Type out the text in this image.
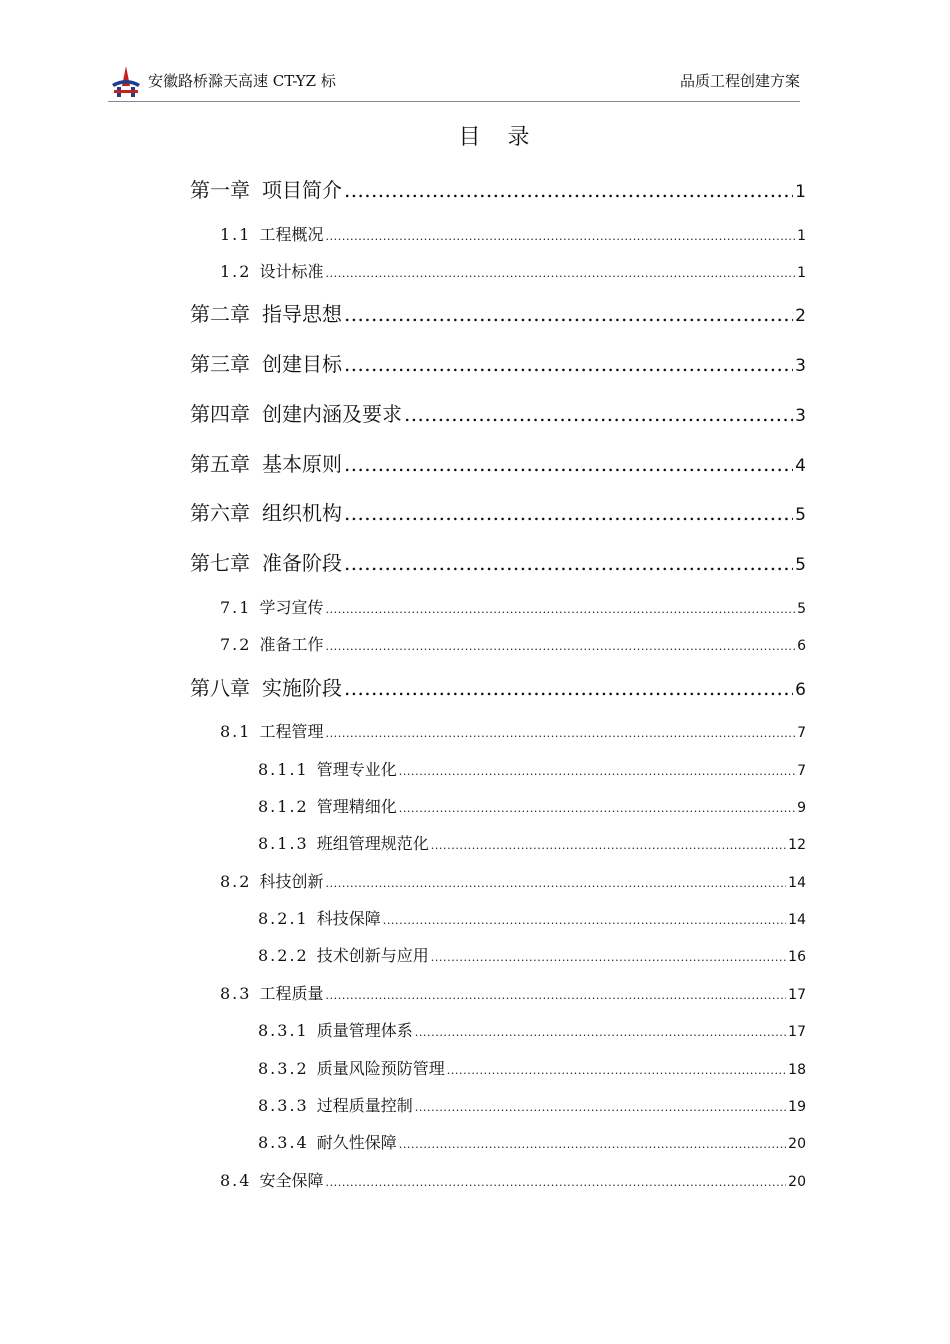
安徽路桥滁天高速 CT-YZ 标	品质工程创建方案
目 录
第一章 项目简介 .....	1
1.1 工程概况 .....	1
1.2 设计标准 .....	1
第二章 指导思想 .....	2
第三章 创建目标 .....	3
第四章 创建内涵及要求 .....	3
第五章 基本原则 .....	4
第六章 组织机构 .....	5
第七章 准备阶段 .....	5
7.1 学习宣传 .....	5
7.2 准备工作 .....	6
第八章 实施阶段 .....	6
8.1 工程管理 .....	7
8.1.1 管理专业化 .....	7
8.1.2 管理精细化 .....	9
8.1.3 班组管理规范化 .....	12
8.2 科技创新 .....	14
8.2.1 科技保障 .....	14
8.2.2 技术创新与应用 .....	16
8.3 工程质量 .....	17
8.3.1 质量管理体系 .....	17
8.3.2 质量风险预防管理 .....	18
8.3.3 过程质量控制 .....	19
8.3.4 耐久性保障 .....	20
8.4 安全保障 .....	20
